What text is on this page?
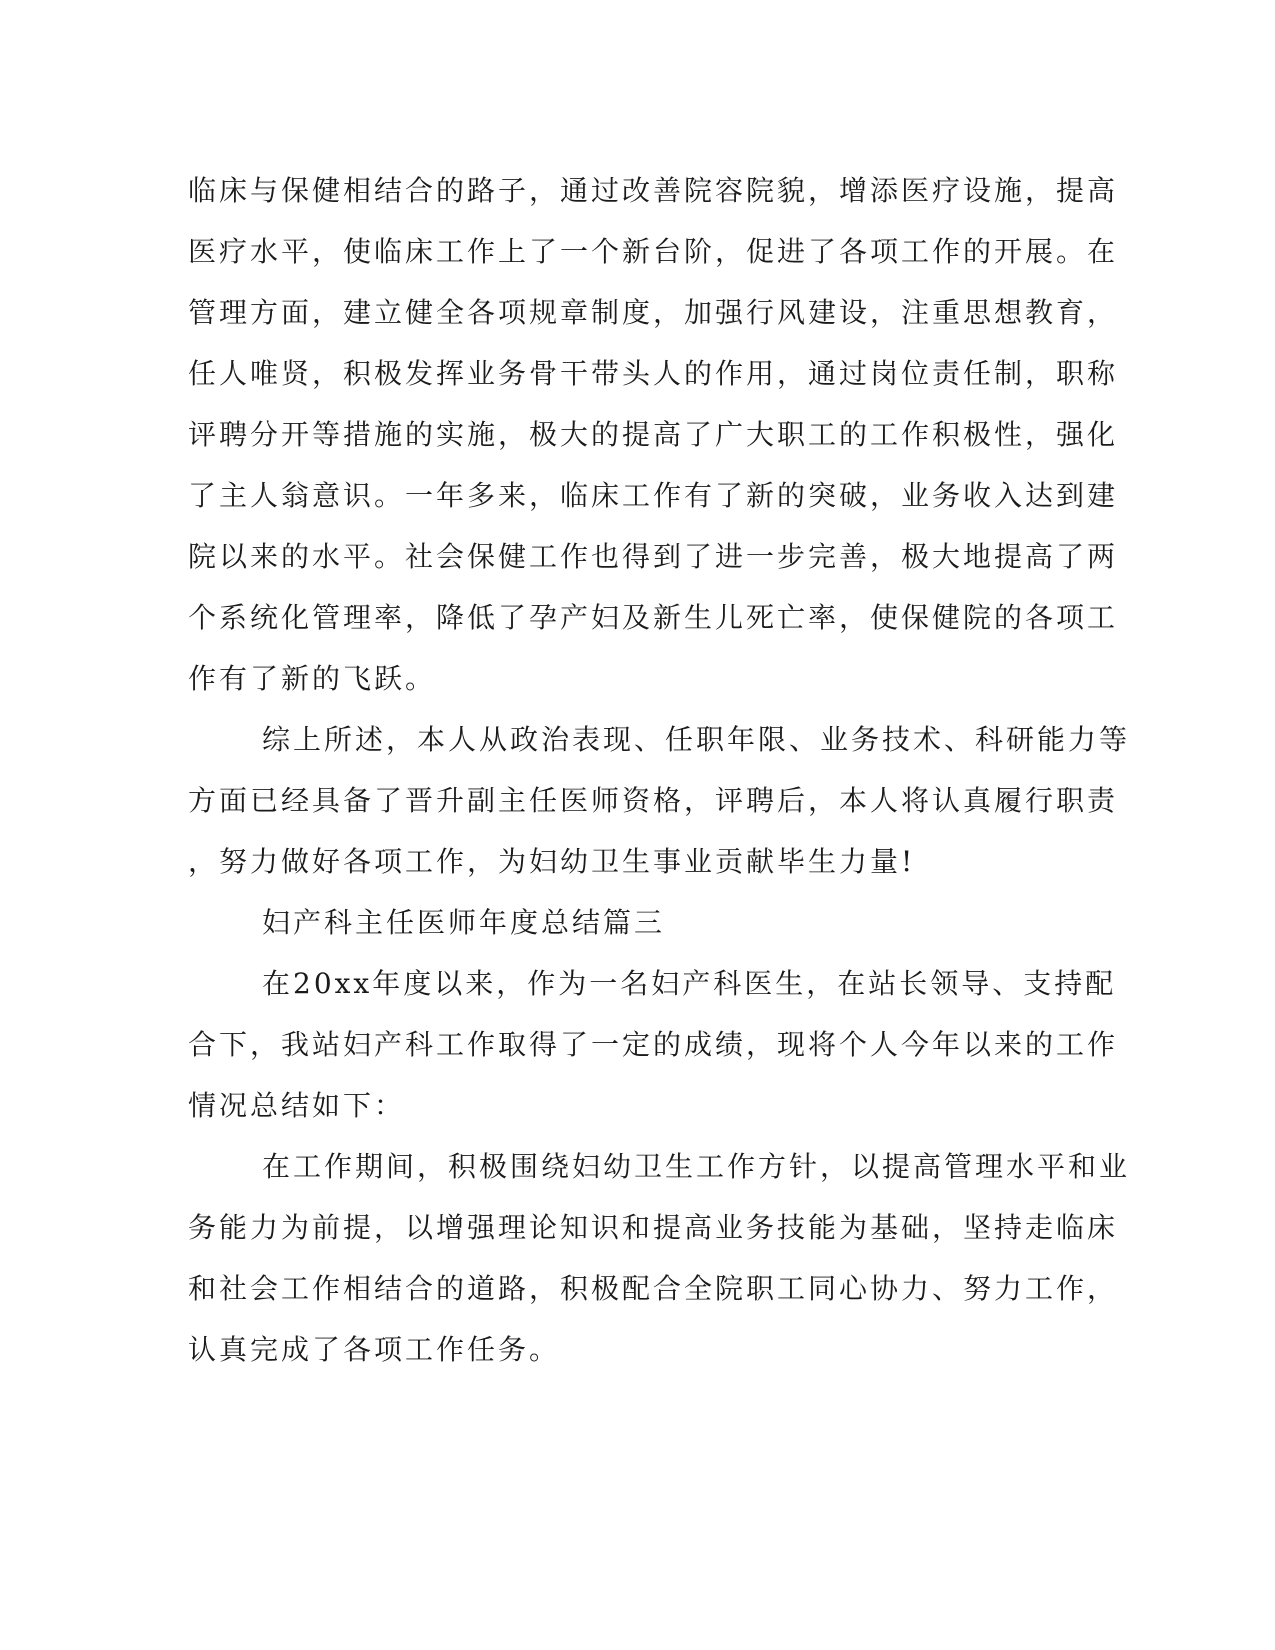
临床与保健相结合的路子，通过改善院容院貌，增添医疗设施，提高
医疗水平，使临床工作上了一个新台阶，促进了各项工作的开展。在
管理方面，建立健全各项规章制度，加强行风建设，注重思想教育，
任人唯贤，积极发挥业务骨干带头人的作用，通过岗位责任制，职称
评聘分开等措施的实施，极大的提高了广大职工的工作积极性，强化
了主人翁意识。一年多来，临床工作有了新的突破，业务收入达到建
院以来的水平。社会保健工作也得到了进一步完善，极大地提高了两
个系统化管理率，降低了孕产妇及新生儿死亡率，使保健院的各项工
作有了新的飞跃。
综上所述，本人从政治表现、任职年限、业务技术、科研能力等
方面已经具备了晋升副主任医师资格，评聘后，本人将认真履行职责
，努力做好各项工作，为妇幼卫生事业贡献毕生力量!
妇产科主任医师年度总结篇三
在20xx年度以来，作为一名妇产科医生，在站长领导、支持配
合下，我站妇产科工作取得了一定的成绩，现将个人今年以来的工作
情况总结如下：
在工作期间，积极围绕妇幼卫生工作方针，以提高管理水平和业
务能力为前提，以增强理论知识和提高业务技能为基础，坚持走临床
和社会工作相结合的道路，积极配合全院职工同心协力、努力工作，
认真完成了各项工作任务。
